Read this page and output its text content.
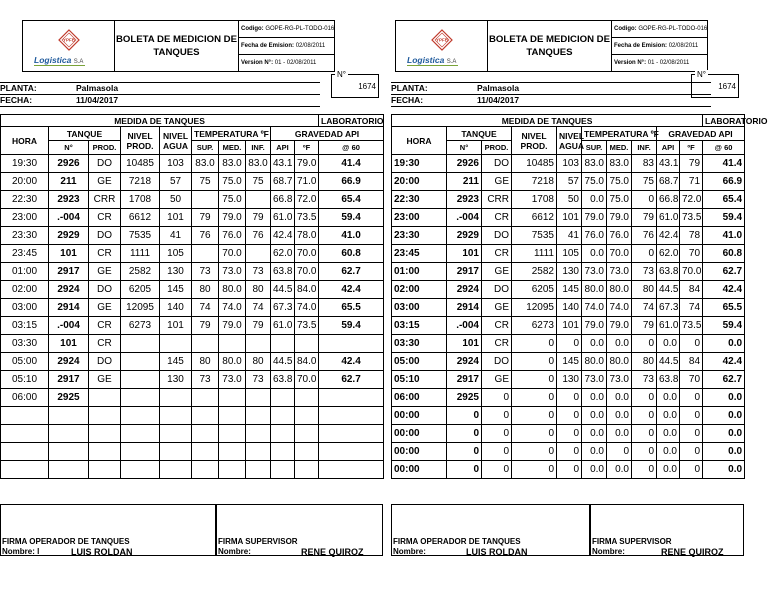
YPFB
Logistica S.A
BOLETA DE MEDICION DE
TANQUES
Codigo:
GOPE-RG-PL-TODO-016
Fecha de Emision:
02/08/2011
Version N°:
01 - 02/08/2011
N°
1674
PLANTA:	Palmasola
FECHA:	11/04/2017
MEDIDA DE TANQUES										LABORATORIO
HORA	TANQUE		NIVEL
PROD.	NIVEL
AGUA	TEMPERATURA ºF			GRAVEDAD API		
	N°	PROD.			SUP.	MED.	INF.	API	ºF	@ 60
19:30	2926	DO	10485	103	83.0	83.0	83.0	43.1	79.0	41.4
20:00	211	GE	7218	57	75	75.0	75	68.7	71.0	66.9
22:30	2923	CRR	1708	50		75.0		66.8	72.0	65.4
23:00	.-004	CR	6612	101	79	79.0	79	61.0	73.5	59.4
23:30	2929	DO	7535	41	76	76.0	76	42.4	78.0	41.0
23:45	101	CR	1111	105		70.0		62.0	70.0	60.8
01:00	2917	GE	2582	130	73	73.0	73	63.8	70.0	62.7
02:00	2924	DO	6205	145	80	80.0	80	44.5	84.0	42.4
03:00	2914	GE	12095	140	74	74.0	74	67.3	74.0	65.5
03:15	.-004	CR	6273	101	79	79.0	79	61.0	73.5	59.4
03:30	101	CR								
05:00	2924	DO		145	80	80.0	80	44.5	84.0	42.4
05:10	2917	GE		130	73	73.0	73	63.8	70.0	62.7
06:00	2925									

FIRMA OPERADOR DE TANQUES
Nombre: l	LUIS ROLDAN
FIRMA SUPERVISOR
Nombre:	RENE QUIROZ
YPFB
Logistica S.A
BOLETA DE MEDICION DE
TANQUES
Codigo:
GOPE-RG-PL-TODO-016
Fecha de Emision:
02/08/2011
Version N°:
01 - 02/08/2011
N°
1674
PLANTA:	Palmasola
FECHA:	11/04/2017
MEDIDA DE TANQUES										LABORATORIO
HORA	TANQUE		NIVEL
PROD.	NIVEL
AGUA	TEMPERATURA ºF			GRAVEDAD API		
	N°	PROD.			SUP.	MED.	INF.	API	ºF	@ 60
19:30	2926	DO	10485	103	83.0	83.0	83	43.1	79	41.4
20:00	211	GE	7218	57	75.0	75.0	75	68.7	71	66.9
22:30	2923	CRR	1708	50	0.0	75.0	0	66.8	72.0	65.4
23:00	.-004	CR	6612	101	79.0	79.0	79	61.0	73.5	59.4
23:30	2929	DO	7535	41	76.0	76.0	76	42.4	78	41.0
23:45	101	CR	1111	105	0.0	70.0	0	62.0	70	60.8
01:00	2917	GE	2582	130	73.0	73.0	73	63.8	70.0	62.7
02:00	2924	DO	6205	145	80.0	80.0	80	44.5	84	42.4
03:00	2914	GE	12095	140	74.0	74.0	74	67.3	74	65.5
03:15	.-004	CR	6273	101	79.0	79.0	79	61.0	73.5	59.4
03:30	101	CR	0	0	0.0	0.0	0	0.0	0	0.0
05:00	2924	DO	0	145	80.0	80.0	80	44.5	84	42.4
05:10	2917	GE	0	130	73.0	73.0	73	63.8	70	62.7
06:00	2925	0	0	0	0.0	0.0	0	0.0	0	0.0
00:00	0	0	0	0	0.0	0.0	0	0.0	0	0.0
00:00	0	0	0	0	0.0	0.0	0	0.0	0	0.0
00:00	0	0	0	0	0.0	0	0	0.0	0	0.0
00:00	0	0	0	0	0.0	0.0	0	0.0	0	0.0
FIRMA OPERADOR DE TANQUES
Nombre:	LUIS ROLDAN
FIRMA SUPERVISOR
Nombre:	RENE QUIROZ
